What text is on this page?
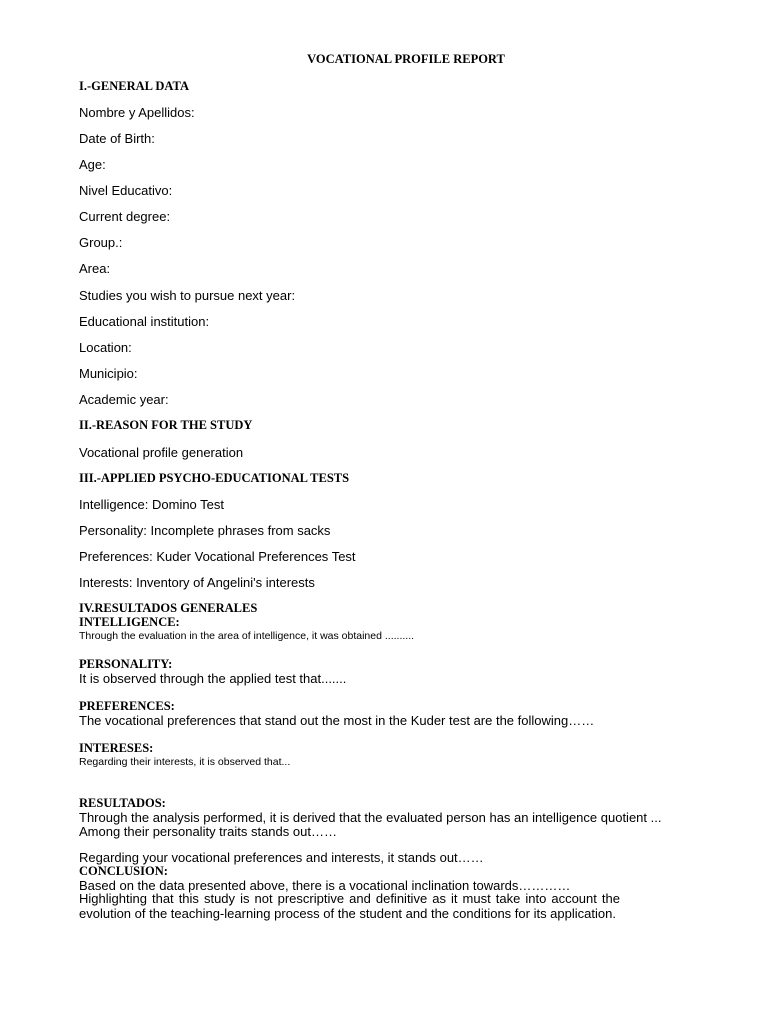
VOCATIONAL PROFILE REPORT
I.-GENERAL DATA
Nombre y Apellidos:
Date of Birth:
Age:
Nivel Educativo:
Current degree:
Group.:
Area:
Studies you wish to pursue next year:
Educational institution:
Location:
Municipio:
Academic year:
II.-REASON FOR THE STUDY
Vocational profile generation
III.-APPLIED PSYCHO-EDUCATIONAL TESTS
Intelligence: Domino Test
Personality: Incomplete phrases from sacks
Preferences: Kuder Vocational Preferences Test
Interests: Inventory of Angelini's interests
IV.RESULTADOS GENERALES
INTELLIGENCE:
Through the evaluation in the area of intelligence, it was obtained ..........
PERSONALITY:
It is observed through the applied test that.......
PREFERENCES:
The vocational preferences that stand out the most in the Kuder test are the following……
INTERESES:
Regarding their interests, it is observed that...
RESULTADOS:
Through the analysis performed, it is derived that the evaluated person has an intelligence quotient ...
Among their personality traits stands out……
Regarding your vocational preferences and interests, it stands out……
CONCLUSION:
Based on the data presented above, there is a vocational inclination towards…………
Highlighting that this study is not prescriptive and definitive as it must take into account the evolution of the teaching-learning process of the student and the conditions for its application.
